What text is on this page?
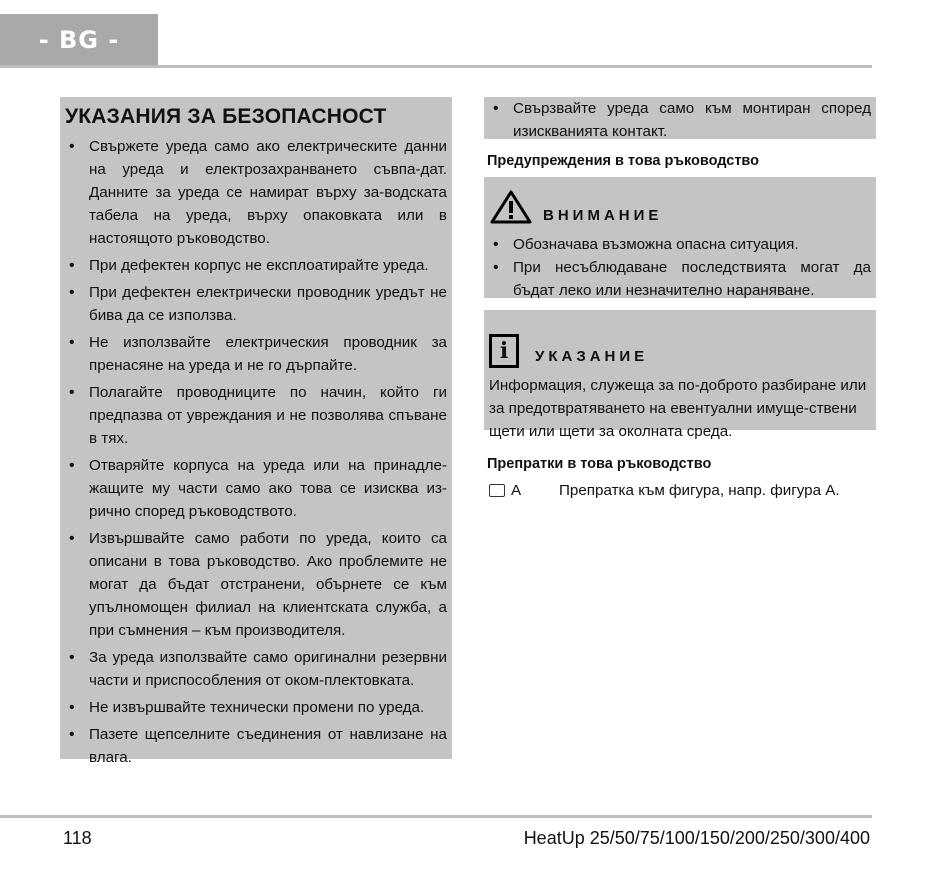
- BG -
УКАЗАНИЯ ЗА БЕЗОПАСНОСТ
• Свържете уреда само ако електрическите данни на уреда и електрозахранването съвпа-дат. Данните за уреда се намират върху за-водската табела на уреда, върху опаковката или в настоящото ръководство.
• При дефектен корпус не експлоатирайте уреда.
• При дефектен електрически проводник уредът не бива да се използва.
• Не използвайте електрическия проводник за пренасяне на уреда и не го дърпайте.
• Полагайте проводниците по начин, който ги предпазва от увреждания и не позволява спъване в тях.
• Отваряйте корпуса на уреда или на принадле-жащите му части само ако това се изисква из-рично според ръководството.
• Извършвайте само работи по уреда, които са описани в това ръководство. Ако проблемите не могат да бъдат отстранени, обърнете се към упълномощен филиал на клиентската служба, а при съмнения – към производителя.
• За уреда използвайте само оригинални резервни части и приспособления от оком-плектовката.
• Не извършвайте технически промени по уреда.
• Пазете щепселните съединения от навлизане на влага.
• Свързвайте уреда само към монтиран според изискванията контакт.
Предупреждения в това ръководство
ВНИМАНИЕ
• Обозначава възможна опасна ситуация.
• При несъблюдаване последствията могат да бъдат леко или незначително нараняване.
i	УКАЗАНИЕ
Информация, служеща за по-доброто разбиране или за предотвратяването на евентуални имуще-ствени щети или щети за околната среда.
Препратки в това ръководство
A	Препратка към фигура, напр. фигура А.
118	HeatUp 25/50/75/100/150/200/250/300/400
